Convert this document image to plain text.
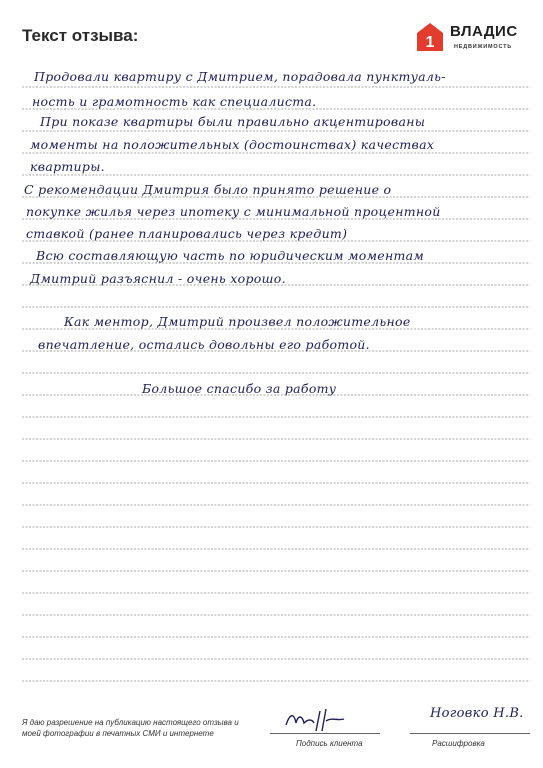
Текст отзыва:	1
ВЛАДИС
НЕДВИЖИМОСТЬ
Продовали квартиру с Дмитрием, порадовала пунктуаль-
ность и грамотность как специалиста.
При показе квартиры были правильно акцентированы
моменты на положительных (достоинствах) качествах
квартиры.
С рекомендации Дмитрия было принято решение о
покупке жилья через ипотеку с минимальной процентной
ставкой (ранее планировались через кредит)
Всю составляющую часть по юридическим моментам
Дмитрий разъяснил - очень хорошо.
Как ментор, Дмитрий произвел положительное
впечатление, остались довольны его работой.
Большое спасибо за работу
Я даю разрешение на публикацию настоящего отзыва и моей фотографии в печатных СМИ и интернете
Подпись клиента
Ноговко Н.В.
Расшифровка
